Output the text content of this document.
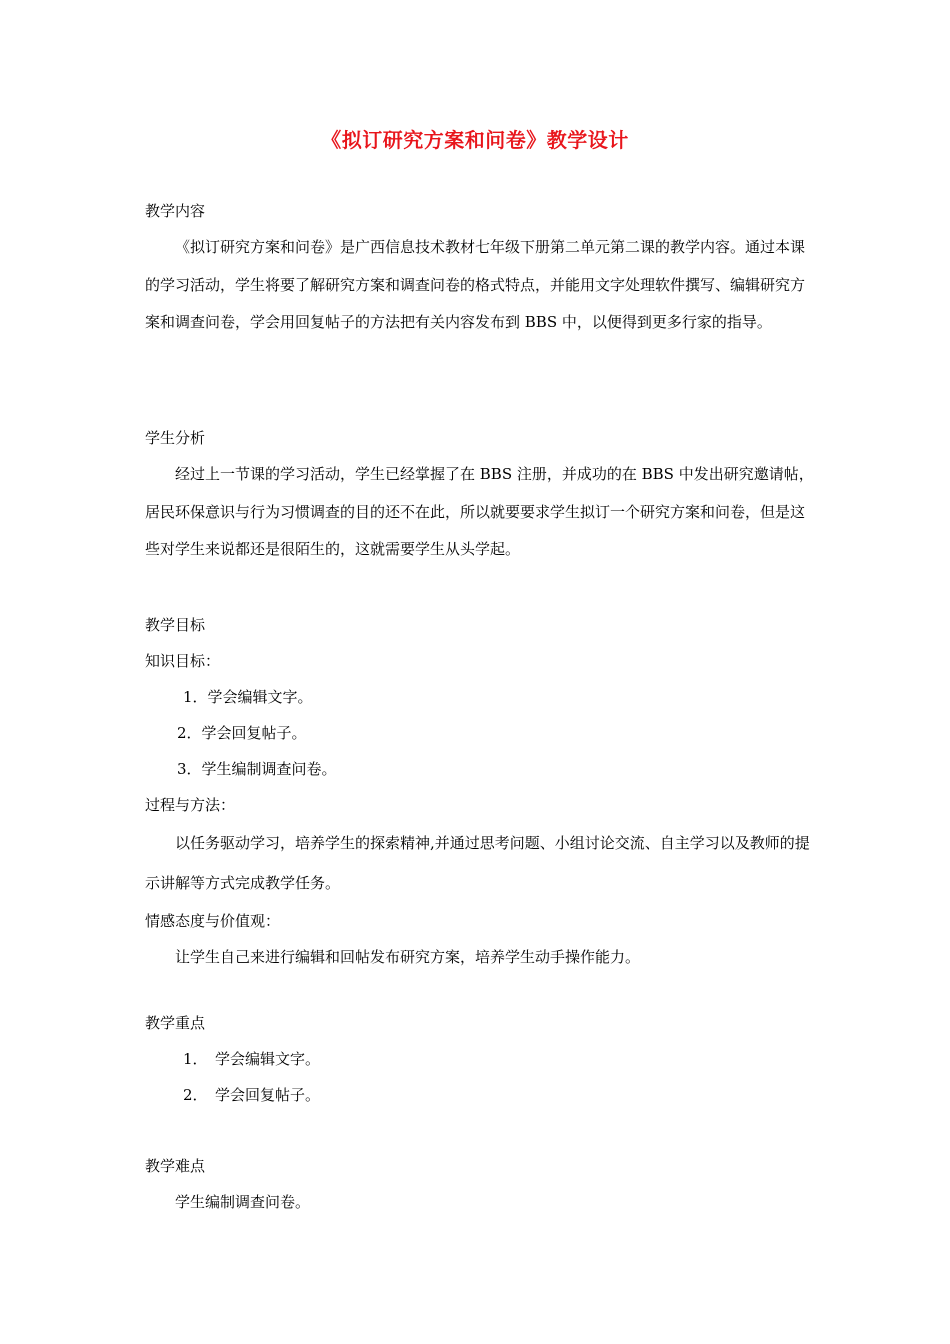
《拟订研究方案和问卷》教学设计
教学内容

《拟订研究方案和问卷》是广西信息技术教材七年级下册第二单元第二课的教学内容。通过本课的学习活动，学生将要了解研究方案和调查问卷的格式特点，并能用文字处理软件撰写、编辑研究方案和调查问卷，学会用回复帖子的方法把有关内容发布到 BBS 中，以便得到更多行家的指导。

学生分析

经过上一节课的学习活动，学生已经掌握了在 BBS 注册，并成功的在 BBS 中发出研究邀请帖，居民环保意识与行为习惯调查的目的还不在此，所以就要要求学生拟订一个研究方案和问卷，但是这些对学生来说都还是很陌生的，这就需要学生从头学起。

教学目标
知识目标：
1．学会编辑文字。
2．学会回复帖子。
3．学生编制调查问卷。
过程与方法：

以任务驱动学习，培养学生的探索精神,并通过思考问题、小组讨论交流、自主学习以及教师的提示讲解等方式完成教学任务。

情感态度与价值观：

让学生自己来进行编辑和回帖发布研究方案，培养学生动手操作能力。

教学重点
1．　学会编辑文字。
2．　学会回复帖子。
教学难点

学生编制调查问卷。
